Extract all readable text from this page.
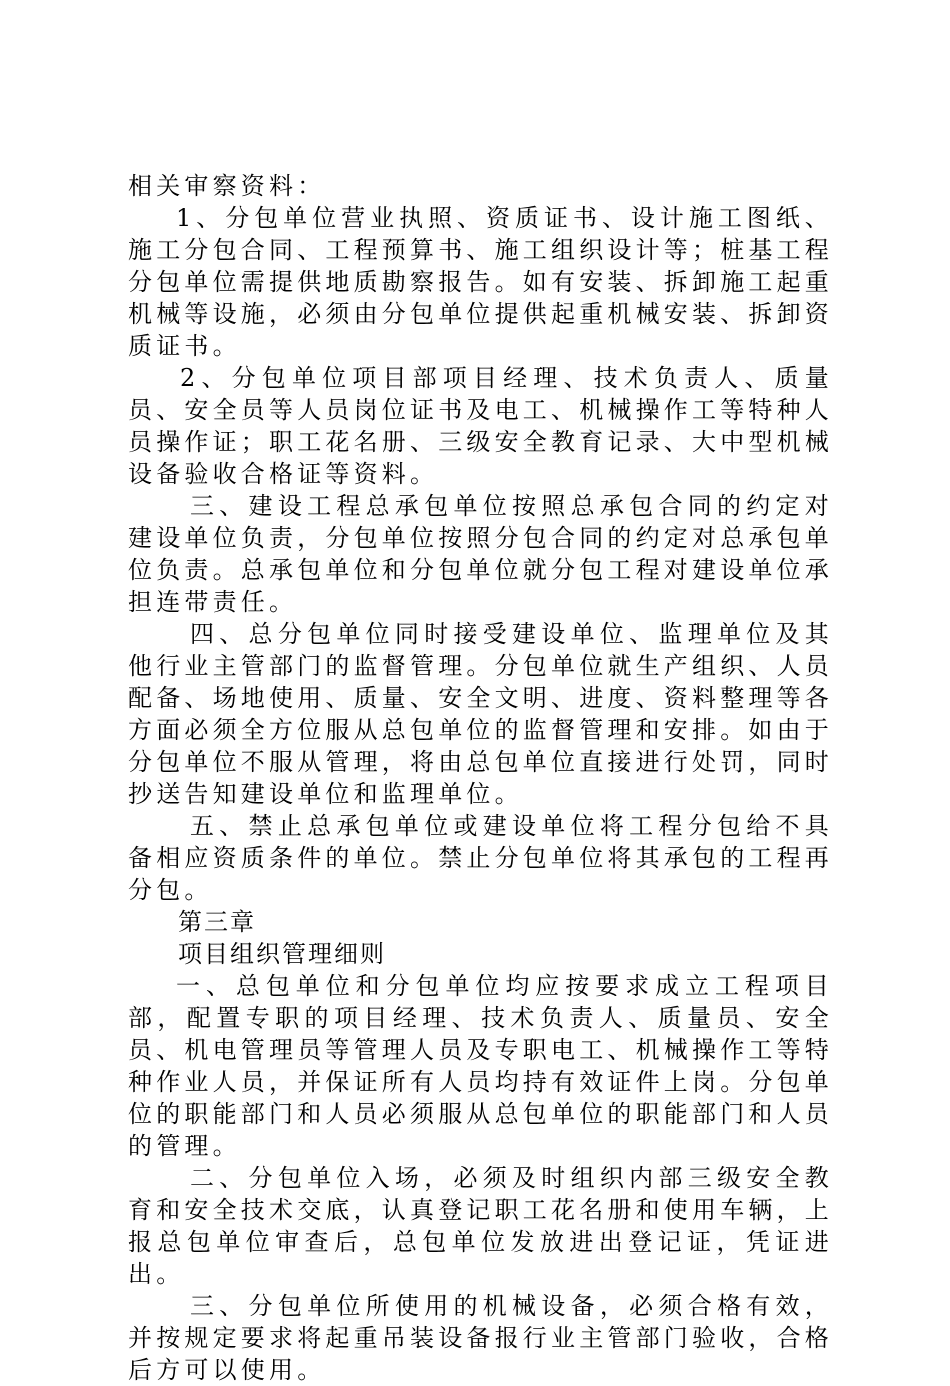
相关审察资料：

1、分包单位营业执照、资质证书、设计施工图纸、施工分包合同、工程预算书、施工组织设计等；桩基工程分包单位需提供地质勘察报告。如有安装、拆卸施工起重机械等设施，必须由分包单位提供起重机械安装、拆卸资质证书。

2、分包单位项目部项目经理、技术负责人、质量员、安全员等人员岗位证书及电工、机械操作工等特种人员操作证；职工花名册、三级安全教育记录、大中型机械设备验收合格证等资料。

三、建设工程总承包单位按照总承包合同的约定对建设单位负责，分包单位按照分包合同的约定对总承包单位负责。总承包单位和分包单位就分包工程对建设单位承担连带责任。

四、总分包单位同时接受建设单位、监理单位及其他行业主管部门的监督管理。分包单位就生产组织、人员配备、场地使用、质量、安全文明、进度、资料整理等各方面必须全方位服从总包单位的监督管理和安排。如由于分包单位不服从管理，将由总包单位直接进行处罚，同时抄送告知建设单位和监理单位。

五、禁止总承包单位或建设单位将工程分包给不具备相应资质条件的单位。禁止分包单位将其承包的工程再分包。

第三章

项目组织管理细则

一、总包单位和分包单位均应按要求成立工程项目部，配置专职的项目经理、技术负责人、质量员、安全员、机电管理员等管理人员及专职电工、机械操作工等特种作业人员，并保证所有人员均持有效证件上岗。分包单位的职能部门和人员必须服从总包单位的职能部门和人员的管理。

二、分包单位入场，必须及时组织内部三级安全教育和安全技术交底，认真登记职工花名册和使用车辆，上报总包单位审查后，总包单位发放进出登记证，凭证进出。

三、分包单位所使用的机械设备，必须合格有效，并按规定要求将起重吊装设备报行业主管部门验收，合格后方可以使用。
